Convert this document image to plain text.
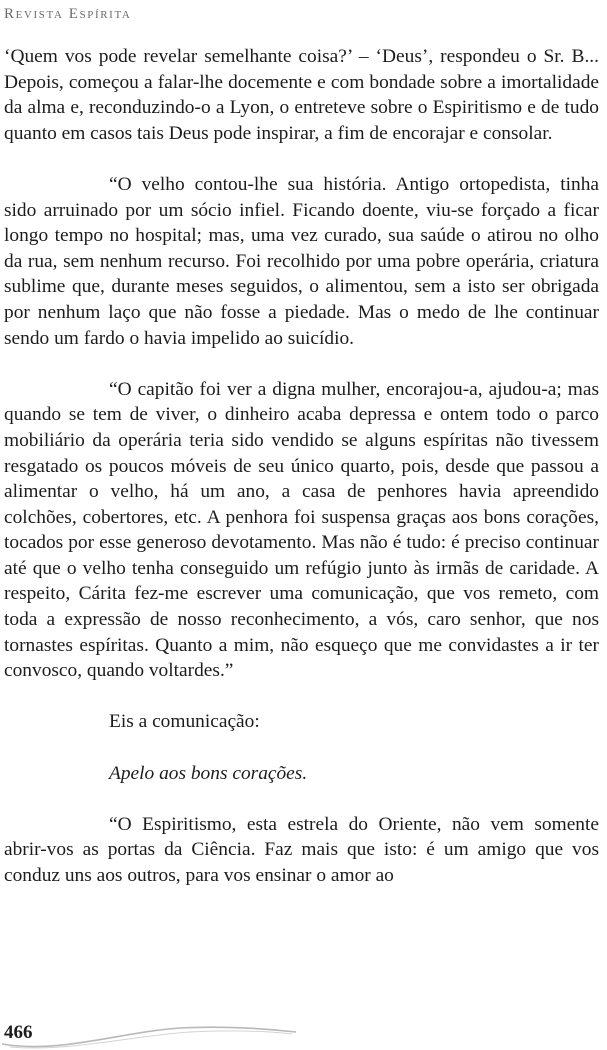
Revista Espírita

‘Quem vos pode revelar semelhante coisa?’ – ‘Deus’, respondeu o Sr. B... Depois, começou a falar-lhe docemente e com bondade sobre a imortalidade da alma e, reconduzindo-o a Lyon, o entreteve sobre o Espiritismo e de tudo quanto em casos tais Deus pode inspirar, a fim de encorajar e consolar.

“O velho contou-lhe sua história. Antigo ortopedista, tinha sido arruinado por um sócio infiel. Ficando doente, viu-se forçado a ficar longo tempo no hospital; mas, uma vez curado, sua saúde o atirou no olho da rua, sem nenhum recurso. Foi recolhido por uma pobre operária, criatura sublime que, durante meses seguidos, o alimentou, sem a isto ser obrigada por nenhum laço que não fosse a piedade. Mas o medo de lhe continuar sendo um fardo o havia impelido ao suicídio.

“O capitão foi ver a digna mulher, encorajou-a, ajudou-a; mas quando se tem de viver, o dinheiro acaba depressa e ontem todo o parco mobiliário da operária teria sido vendido se alguns espíritas não tivessem resgatado os poucos móveis de seu único quarto, pois, desde que passou a alimentar o velho, há um ano, a casa de penhores havia apreendido colchões, cobertores, etc. A penhora foi suspensa graças aos bons corações, tocados por esse generoso devotamento. Mas não é tudo: é preciso continuar até que o velho tenha conseguido um refúgio junto às irmãs de caridade. A respeito, Cárita fez-me escrever uma comunicação, que vos remeto, com toda a expressão de nosso reconhecimento, a vós, caro senhor, que nos tornastes espíritas. Quanto a mim, não esqueço que me convidastes a ir ter convosco, quando voltardes.”

Eis a comunicação:

Apelo aos bons corações.

“O Espiritismo, esta estrela do Oriente, não vem somente abrir-vos as portas da Ciência. Faz mais que isto: é um amigo que vos conduz uns aos outros, para vos ensinar o amor ao

466
